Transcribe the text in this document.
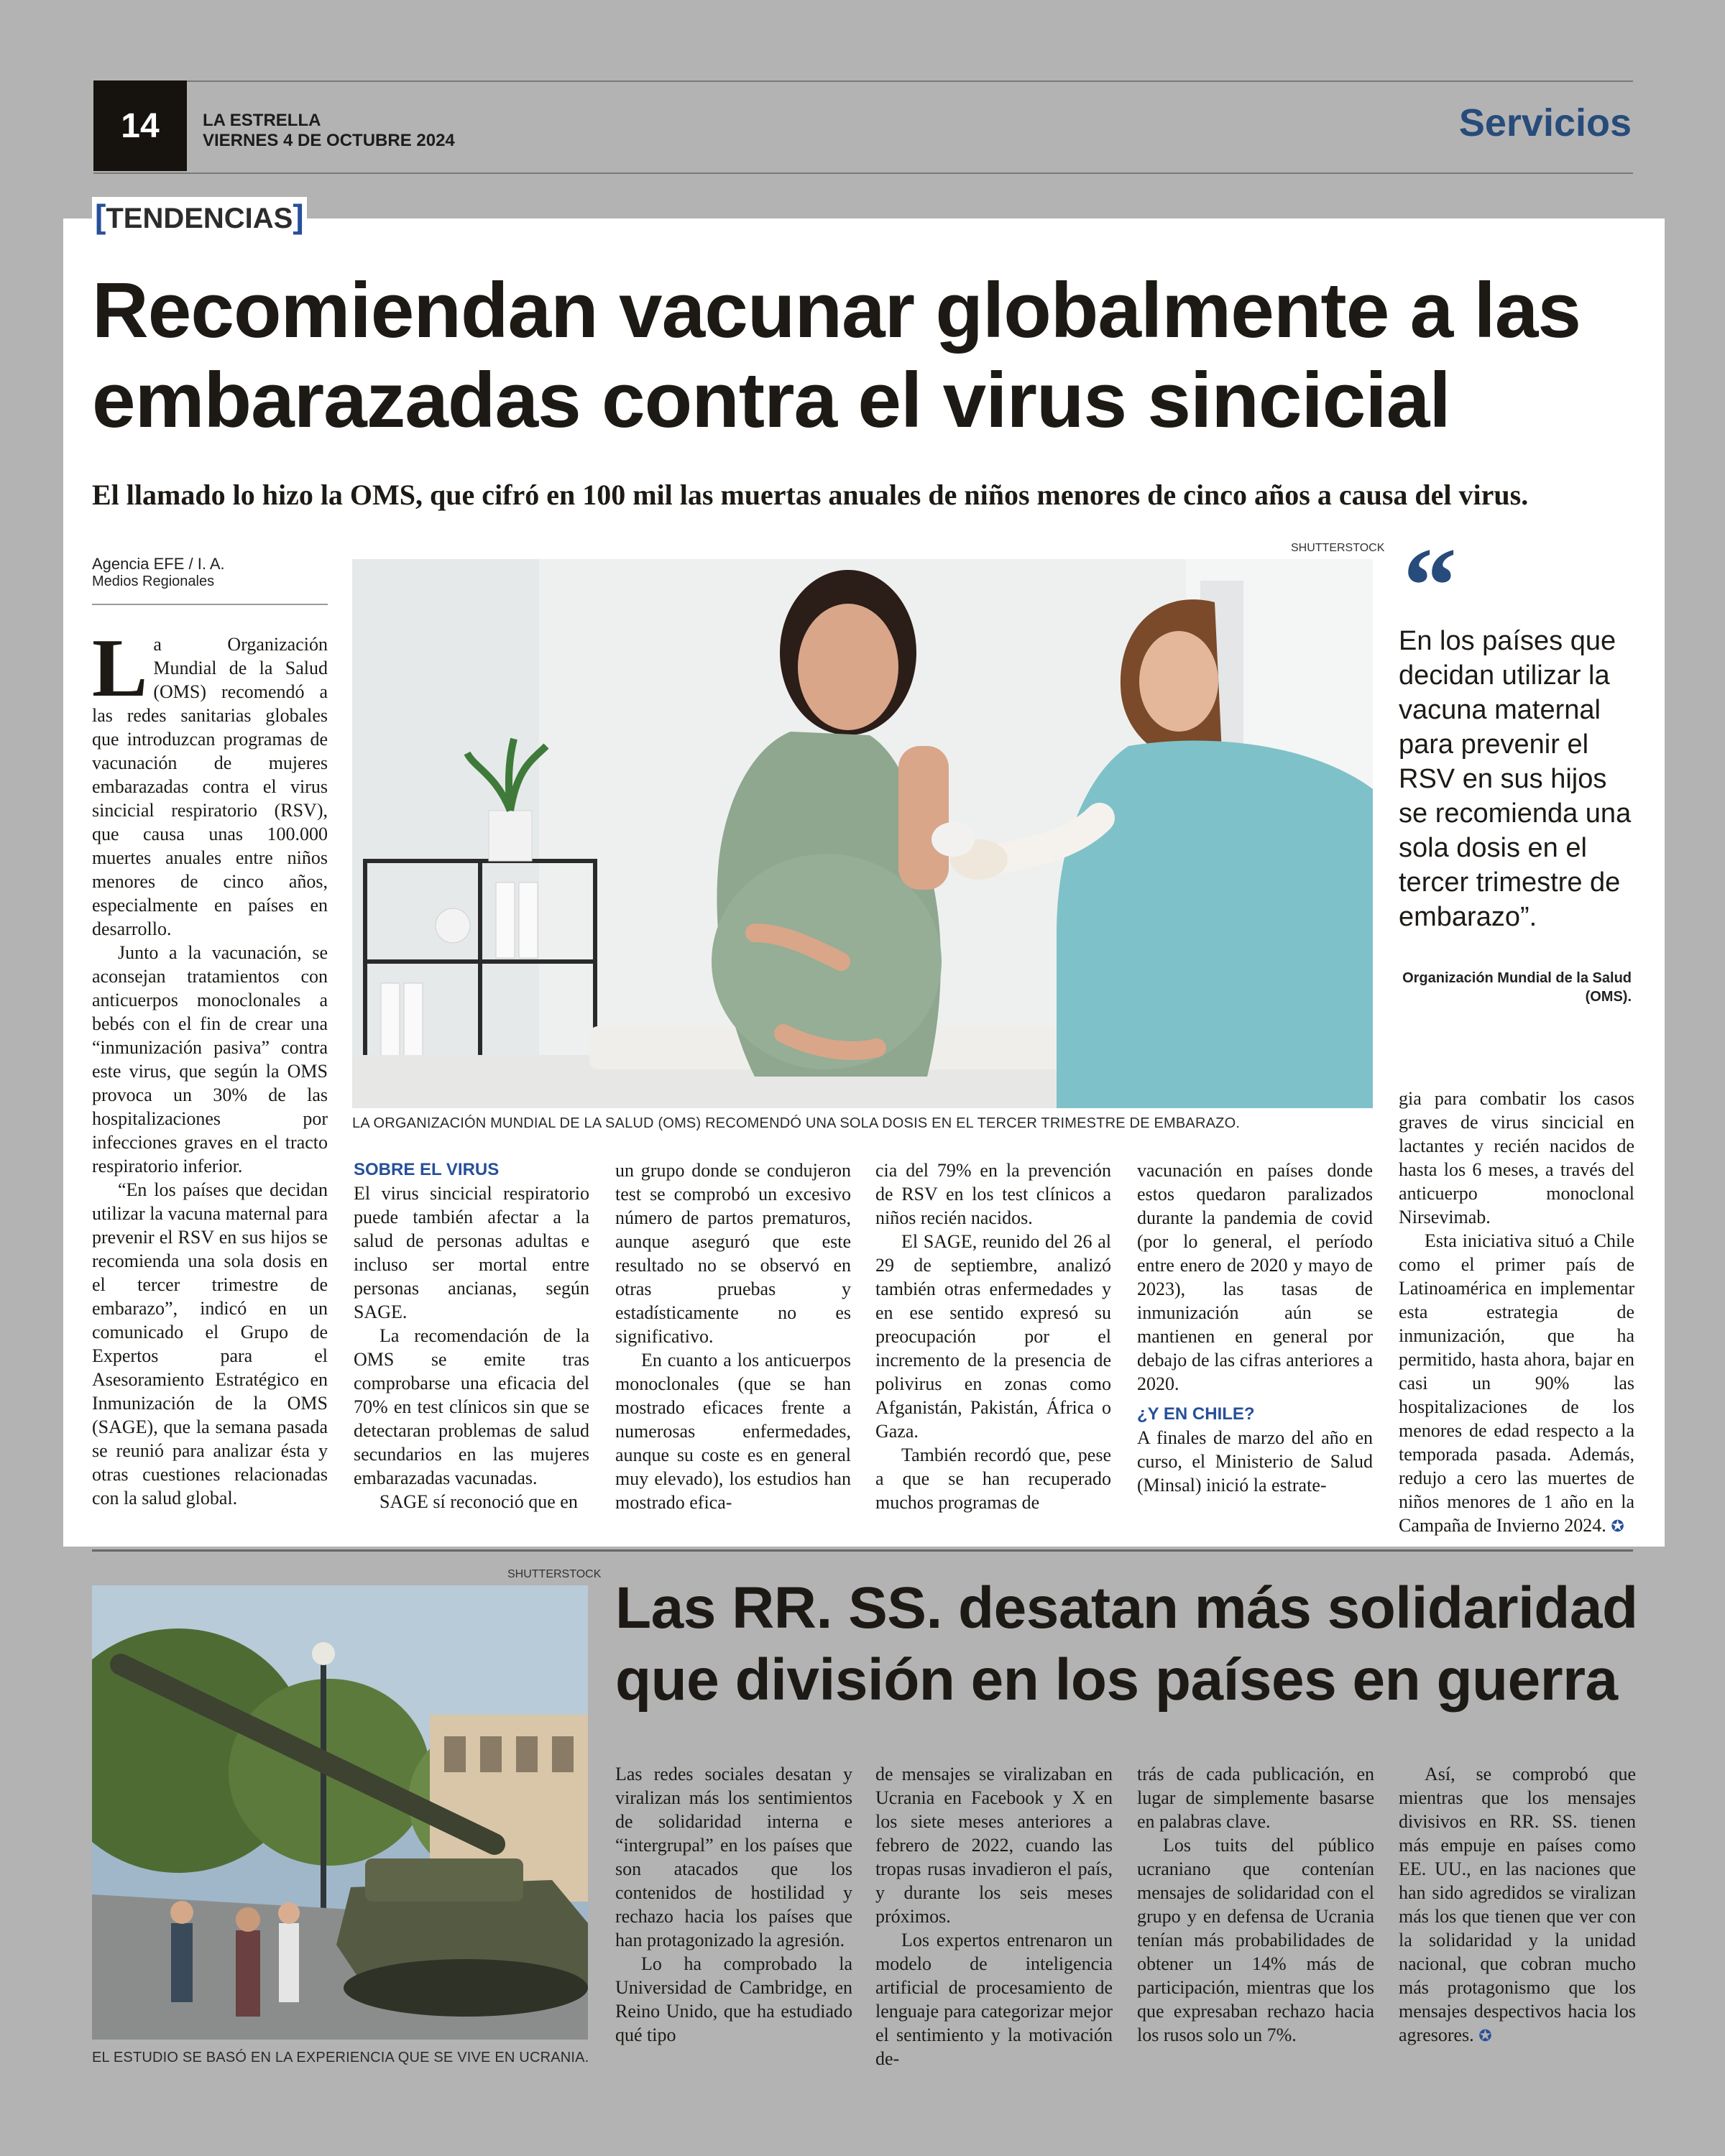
14	LA ESTRELLA
VIERNES 4 DE OCTUBRE 2024	Servicios
[TENDENCIAS]
Recomiendan vacunar globalmente a las embarazadas contra el virus sincicial
El llamado lo hizo la OMS, que cifró en 100 mil las muertas anuales de niños menores de cinco años a causa del virus.
Agencia EFE / I. A.
Medios Regionales

La Organización Mundial de la Salud (OMS) recomendó a las redes sanitarias globales que introduzcan programas de vacunación de mujeres embarazadas contra el virus sincicial respiratorio (RSV), que causa unas 100.000 muertes anuales entre niños menores de cinco años, especialmente en países en desarrollo.

Junto a la vacunación, se aconsejan tratamientos con anticuerpos monoclonales a bebés con el fin de crear una “inmunización pasiva” contra este virus, que según la OMS provoca un 30% de las hospitalizaciones por infecciones graves en el tracto respiratorio inferior.

“En los países que decidan utilizar la vacuna maternal para prevenir el RSV en sus hijos se recomienda una sola dosis en el tercer trimestre de embarazo”, indicó en un comunicado el Grupo de Expertos para el Asesoramiento Estratégico en Inmunización de la OMS (SAGE), que la semana pasada se reunió para analizar ésta y otras cuestiones relacionadas con la salud global.

SHUTTERSTOCK
LA ORGANIZACIÓN MUNDIAL DE LA SALUD (OMS) RECOMENDÓ UNA SOLA DOSIS EN EL TERCER TRIMESTRE DE EMBARAZO.
“
En los países que decidan utilizar la vacuna maternal para prevenir el RSV en sus hijos se recomienda una sola dosis en el tercer trimestre de embarazo”.
Organización Mundial de la Salud (OMS).

SOBRE EL VIRUS

El virus sincicial respiratorio puede también afectar a la salud de personas adultas e incluso ser mortal entre personas ancianas, según SAGE.

La recomendación de la OMS se emite tras comprobarse una eficacia del 70% en test clínicos sin que se detectaran problemas de salud secundarios en las mujeres embarazadas vacunadas.

SAGE sí reconoció que en

un grupo donde se condujeron test se comprobó un excesivo número de partos prematuros, aunque aseguró que este resultado no se observó en otras pruebas y estadísticamente no es significativo.

En cuanto a los anticuerpos monoclonales (que se han mostrado eficaces frente a numerosas enfermedades, aunque su coste es en general muy elevado), los estudios han mostrado efica-

cia del 79% en la prevención de RSV en los test clínicos a niños recién nacidos.

El SAGE, reunido del 26 al 29 de septiembre, analizó también otras enfermedades y en ese sentido expresó su preocupación por el incremento de la presencia de polivirus en zonas como Afganistán, Pakistán, África o Gaza.

También recordó que, pese a que se han recuperado muchos programas de

vacunación en países donde estos quedaron paralizados durante la pandemia de covid (por lo general, el período entre enero de 2020 y mayo de 2023), las tasas de inmunización aún se mantienen en general por debajo de las cifras anteriores a 2020.

¿Y EN CHILE?

A finales de marzo del año en curso, el Ministerio de Salud (Minsal) inició la estrate-

gia para combatir los casos graves de virus sincicial en lactantes y recién nacidos de hasta los 6 meses, a través del anticuerpo monoclonal Nirsevimab.

Esta iniciativa situó a Chile como el primer país de Latinoamérica en implementar esta estrategia de inmunización, que ha permitido, hasta ahora, bajar en casi un 90% las hospitalizaciones de los menores de edad respecto a la temporada pasada. Además, redujo a cero las muertes de niños menores de 1 año en la Campaña de Invierno 2024. ✪

SHUTTERSTOCK
EL ESTUDIO SE BASÓ EN LA EXPERIENCIA QUE SE VIVE EN UCRANIA.
Las RR. SS. desatan más solidaridad que división en los países en guerra

Las redes sociales desatan y viralizan más los sentimientos de solidaridad interna e “intergrupal” en los países que son atacados que los contenidos de hostilidad y rechazo hacia los países que han protagonizado la agresión.

Lo ha comprobado la Universidad de Cambridge, en Reino Unido, que ha estudiado qué tipo

de mensajes se viralizaban en Ucrania en Facebook y X en los siete meses anteriores a febrero de 2022, cuando las tropas rusas invadieron el país, y durante los seis meses próximos.

Los expertos entrenaron un modelo de inteligencia artificial de procesamiento de lenguaje para categorizar mejor el sentimiento y la motivación de-

trás de cada publicación, en lugar de simplemente basarse en palabras clave.

Los tuits del público ucraniano que contenían mensajes de solidaridad con el grupo y en defensa de Ucrania tenían más probabilidades de obtener un 14% más de participación, mientras que los que expresaban rechazo hacia los rusos solo un 7%.

Así, se comprobó que mientras que los mensajes divisivos en RR. SS. tienen más empuje en países como EE. UU., en las naciones que han sido agredidos se viralizan más los que tienen que ver con la solidaridad y la unidad nacional, que cobran mucho más protagonismo que los mensajes despectivos hacia los agresores. ✪
